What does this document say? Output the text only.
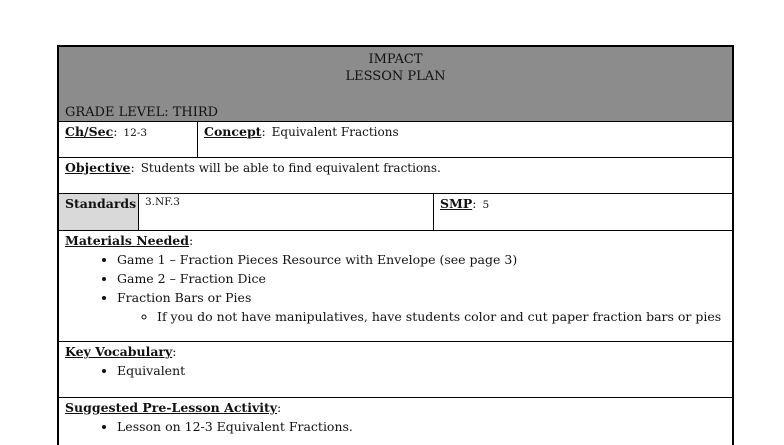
IMPACT
LESSON PLAN
GRADE LEVEL: THIRD
Ch/Sec: 12-3	Concept: Equivalent Fractions
Objective: Students will be able to find equivalent fractions.
Standards 3.NF.3	SMP: 5
Materials Needed:
• Game 1 – Fraction Pieces Resource with Envelope (see page 3)
• Game 2 – Fraction Dice
• Fraction Bars or Pies
◦ If you do not have manipulatives, have students color and cut paper fraction bars or pies
Key Vocabulary:
• Equivalent
Suggested Pre-Lesson Activity:
• Lesson on 12-3 Equivalent Fractions.
